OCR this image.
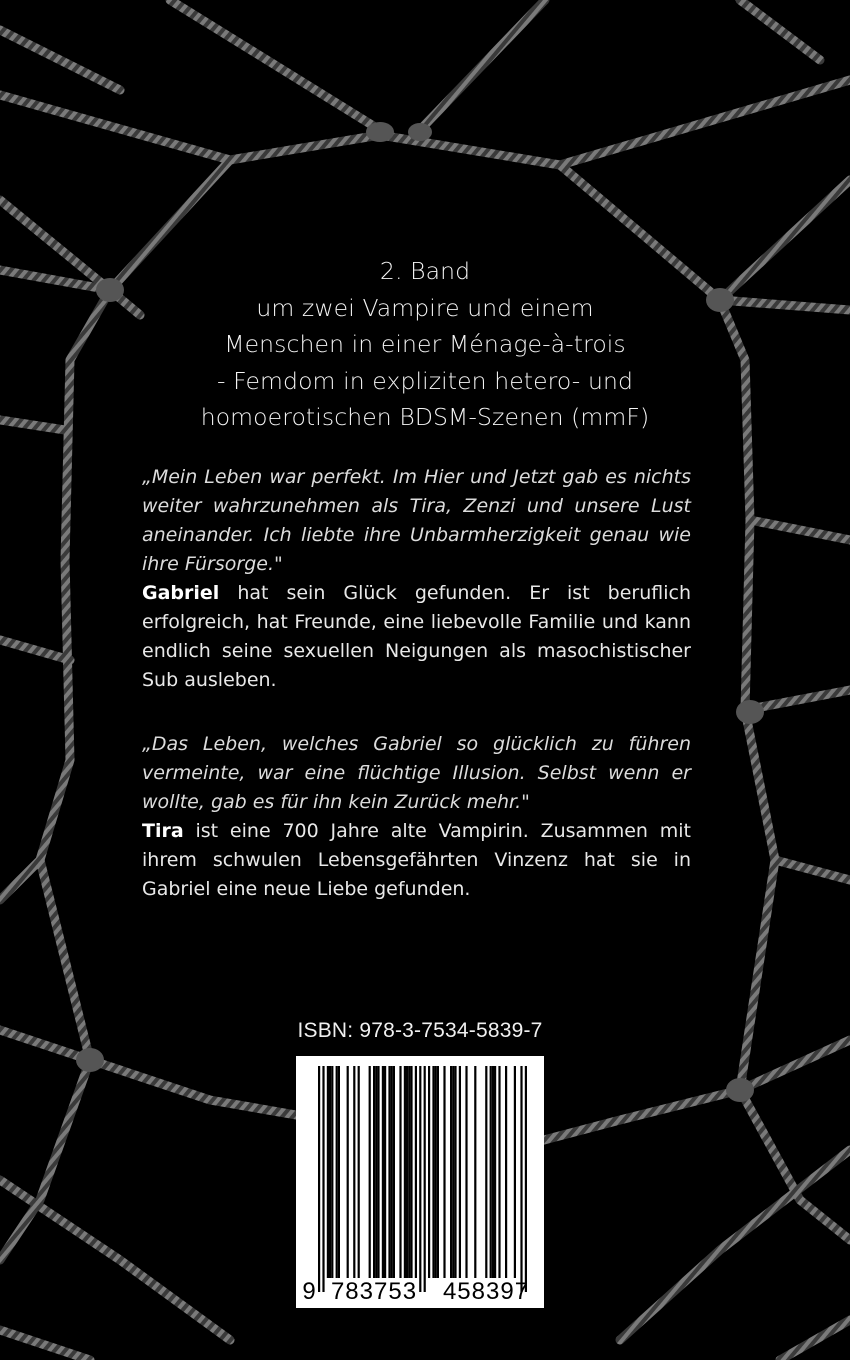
2. Band
um zwei Vampire und einem
Menschen in einer Ménage-à-trois
- Femdom in expliziten hetero- und
homoerotischen BDSM-Szenen (mmF)
„Mein Leben war perfekt. Im Hier und Jetzt gab es nichts weiter wahrzunehmen als Tira, Zenzi und unsere Lust aneinander. Ich liebte ihre Unbarmherzigkeit genau wie ihre Fürsorge."
Gabriel hat sein Glück gefunden. Er ist beruflich erfolgreich, hat Freunde, eine liebevolle Familie und kann endlich seine sexuellen Neigungen als masochistischer Sub ausleben.
„Das Leben, welches Gabriel so glücklich zu führen vermeinte, war eine flüchtige Illusion. Selbst wenn er wollte, gab es für ihn kein Zurück mehr."
Tira ist eine 700 Jahre alte Vampirin. Zusammen mit ihrem schwulen Lebensgefährten Vinzenz hat sie in Gabriel eine neue Liebe gefunden.
ISBN: 978-3-7534-5839-7
9 783753	458397
